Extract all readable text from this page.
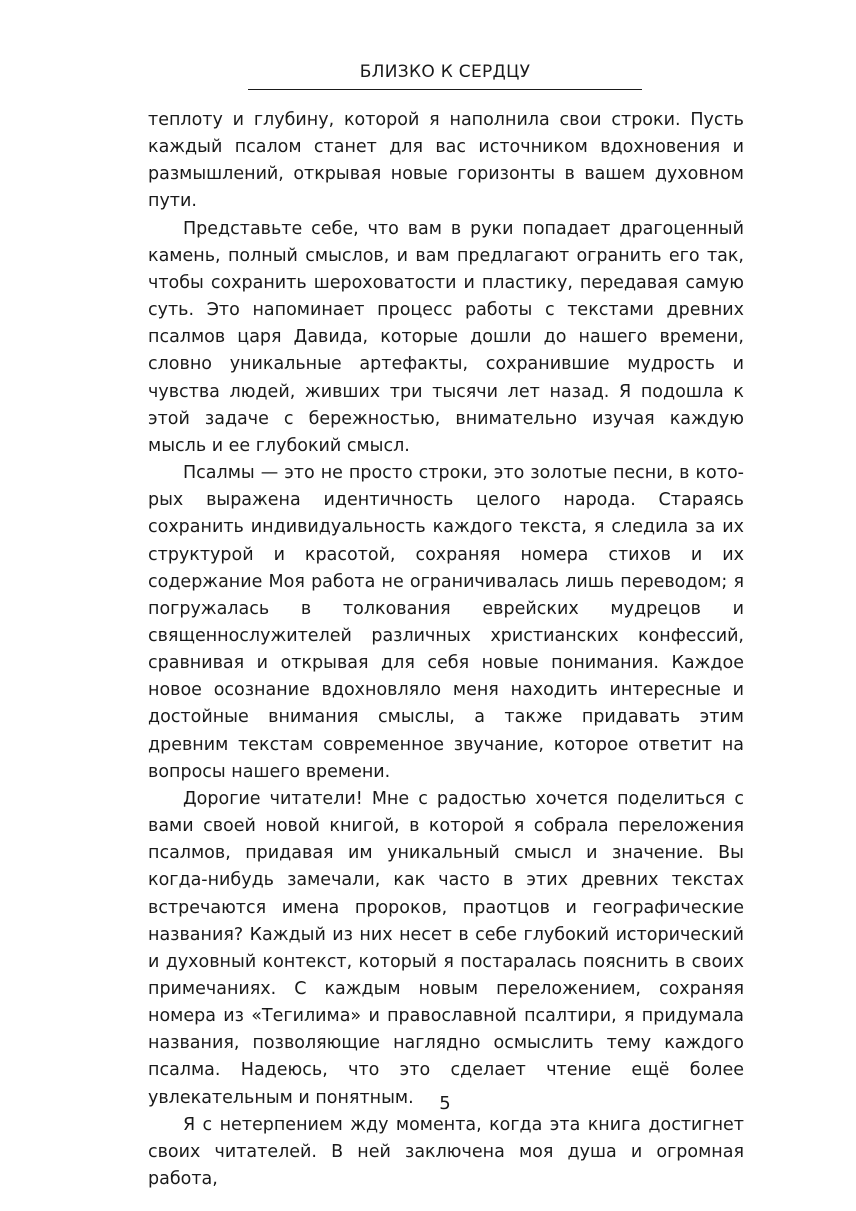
БЛИЗКО К СЕРДЦУ

теплоту и глубину, которой я наполнила свои строки. Пусть каждый псалом станет для вас источником вдохновения и размышлений, открывая новые горизонты в вашем духовном пути.

Представьте себе, что вам в руки попадает драгоценный камень, полный смыслов, и вам предлагают огранить его так, чтобы сохранить шероховатости и пластику, передавая самую суть. Это напоминает процесс работы с текстами древних псалмов царя Давида, которые дошли до нашего времени, словно уникальные артефакты, сохранившие мудрость и чувства людей, живших три тысячи лет назад. Я подошла к этой задаче с бережностью, внимательно изучая каждую мысль и ее глубокий смысл.

Псалмы — это не просто строки, это золотые песни, в которых выражена идентичность целого народа. Стараясь сохранить индивидуальность каждого текста, я следила за их структурой и красотой, сохраняя номера стихов и их содержание Моя работа не ограничивалась лишь переводом; я погружалась в толкования еврейских мудрецов и священнослужителей различных христианских конфессий, сравнивая и открывая для себя новые понимания. Каждое новое осознание вдохновляло меня находить интересные и достойные внимания смыслы, а также придавать этим древним текстам современное звучание, которое ответит на вопросы нашего времени.

Дорогие читатели! Мне с радостью хочется поделиться с вами своей новой книгой, в которой я собрала переложения псалмов, придавая им уникальный смысл и значение. Вы когда-нибудь замечали, как часто в этих древних текстах встречаются имена пророков, праотцов и географические названия? Каждый из них несет в себе глубокий исторический и духовный контекст, который я постаралась пояснить в своих примечаниях. С каждым новым переложением, сохраняя номера из «Тегилима» и православной псалтири, я придумала названия, позволяющие наглядно осмыслить тему каждого псалма. Надеюсь, что это сделает чтение ещё более увлекательным и понятным.

Я с нетерпением жду момента, когда эта книга достигнет своих читателей. В ней заключена моя душа и огромная работа,

5
